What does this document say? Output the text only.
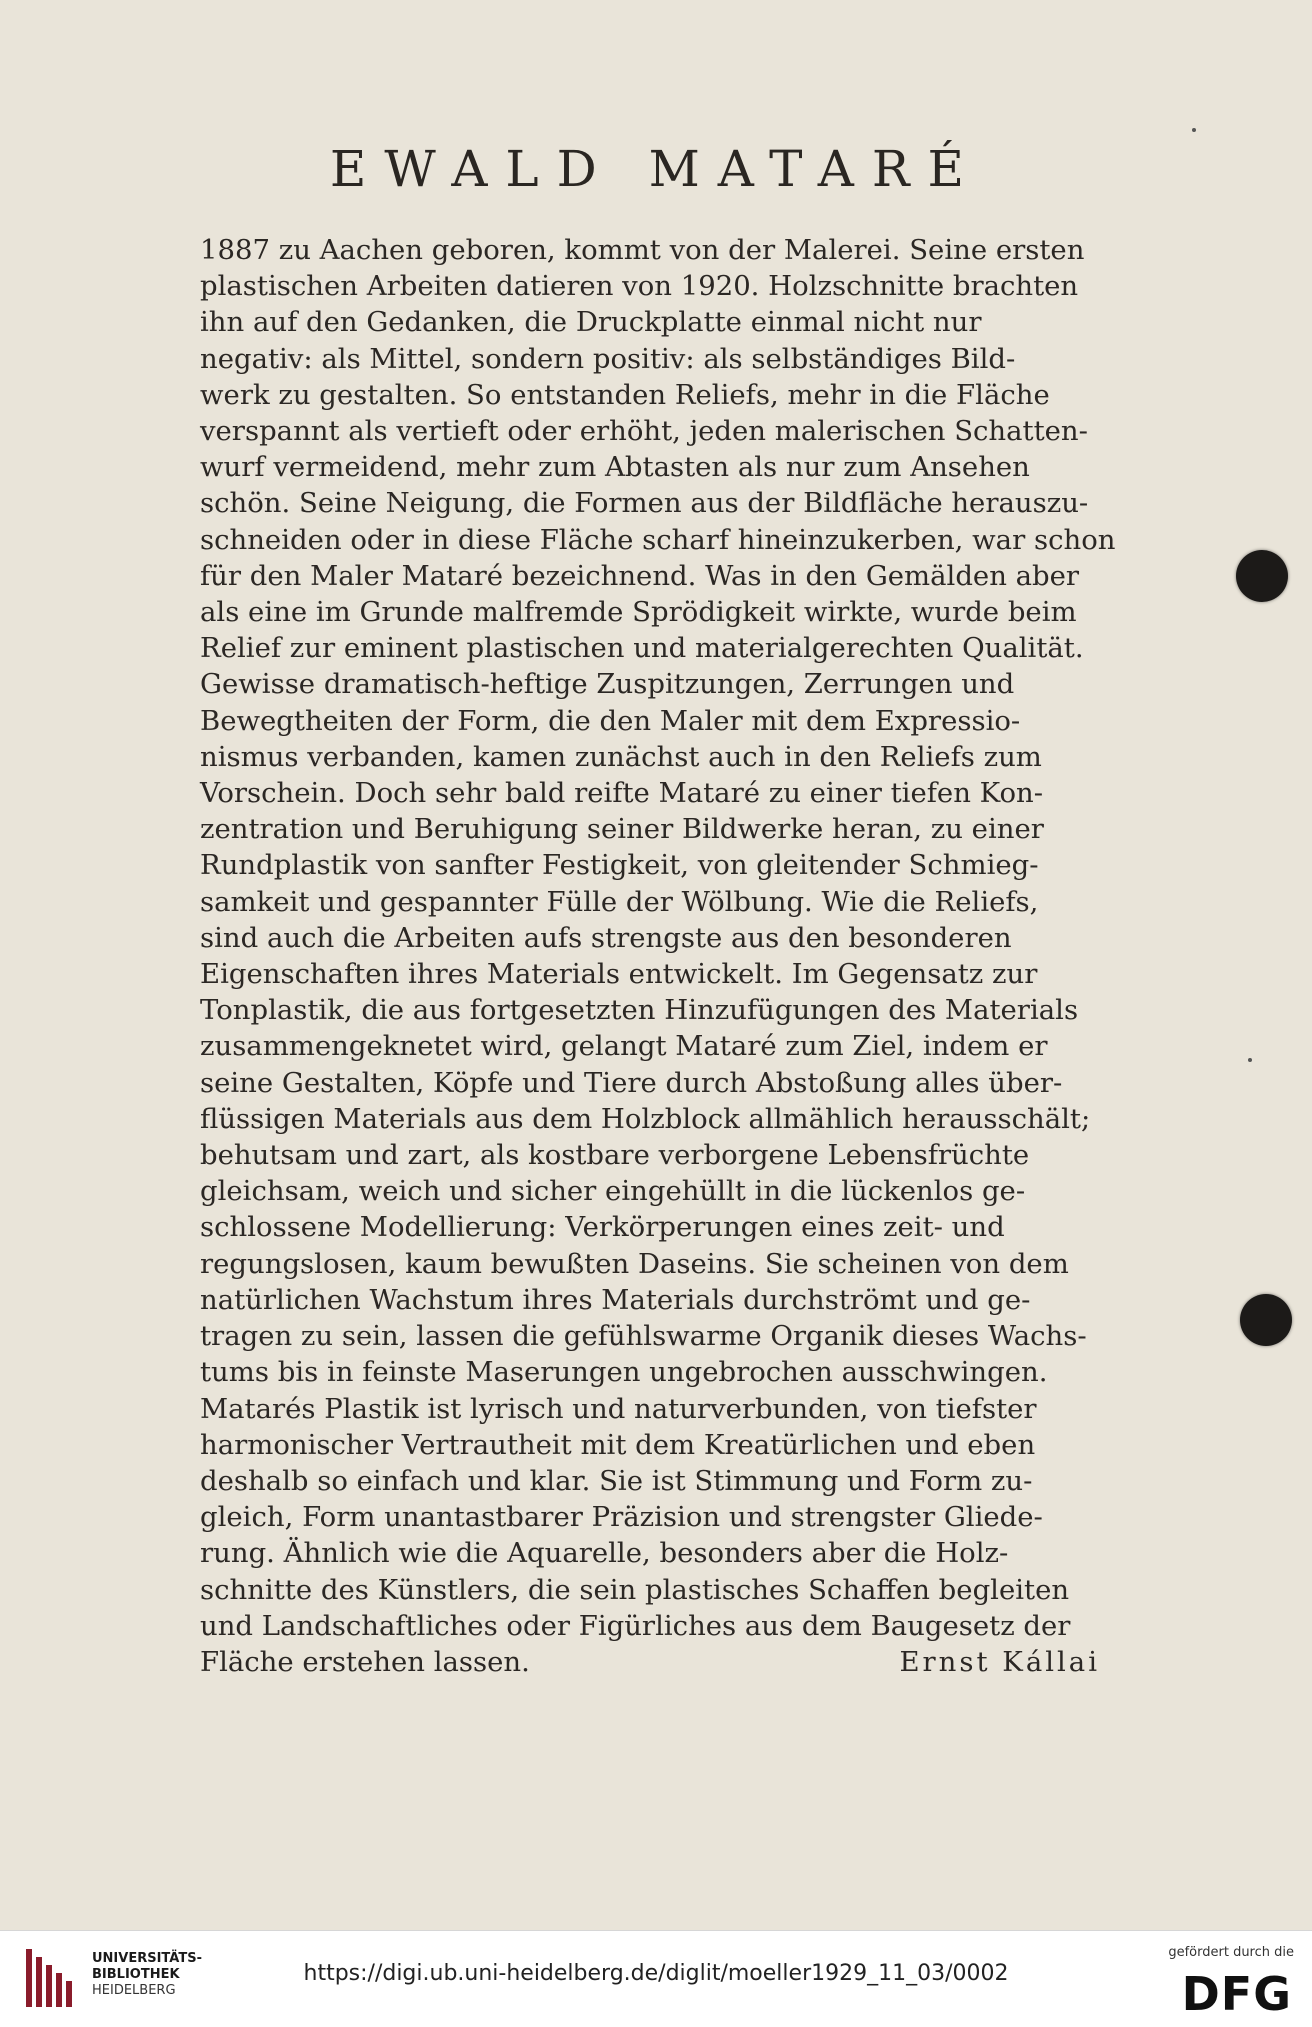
EWALD MATARÉ
1887 zu Aachen geboren, kommt von der Malerei. Seine ersten
plastischen Arbeiten datieren von 1920. Holzschnitte brachten
ihn auf den Gedanken, die Druckplatte einmal nicht nur
negativ: als Mittel, sondern positiv: als selbständiges Bild-
werk zu gestalten. So entstanden Reliefs, mehr in die Fläche
verspannt als vertieft oder erhöht, jeden malerischen Schatten-
wurf vermeidend, mehr zum Abtasten als nur zum Ansehen
schön. Seine Neigung, die Formen aus der Bildfläche herauszu-
schneiden oder in diese Fläche scharf hineinzukerben, war schon
für den Maler Mataré bezeichnend. Was in den Gemälden aber
als eine im Grunde malfremde Sprödigkeit wirkte, wurde beim
Relief zur eminent plastischen und materialgerechten Qualität.
Gewisse dramatisch-heftige Zuspitzungen, Zerrungen und
Bewegtheiten der Form, die den Maler mit dem Expressio-
nismus verbanden, kamen zunächst auch in den Reliefs zum
Vorschein. Doch sehr bald reifte Mataré zu einer tiefen Kon-
zentration und Beruhigung seiner Bildwerke heran, zu einer
Rundplastik von sanfter Festigkeit, von gleitender Schmieg-
samkeit und gespannter Fülle der Wölbung. Wie die Reliefs,
sind auch die Arbeiten aufs strengste aus den besonderen
Eigenschaften ihres Materials entwickelt. Im Gegensatz zur
Tonplastik, die aus fortgesetzten Hinzufügungen des Materials
zusammengeknetet wird, gelangt Mataré zum Ziel, indem er
seine Gestalten, Köpfe und Tiere durch Abstoßung alles über-
flüssigen Materials aus dem Holzblock allmählich herausschält;
behutsam und zart, als kostbare verborgene Lebensfrüchte
gleichsam, weich und sicher eingehüllt in die lückenlos ge-
schlossene Modellierung: Verkörperungen eines zeit- und
regungslosen, kaum bewußten Daseins. Sie scheinen von dem
natürlichen Wachstum ihres Materials durchströmt und ge-
tragen zu sein, lassen die gefühlswarme Organik dieses Wachs-
tums bis in feinste Maserungen ungebrochen ausschwingen.
Matarés Plastik ist lyrisch und naturverbunden, von tiefster
harmonischer Vertrautheit mit dem Kreatürlichen und eben
deshalb so einfach und klar. Sie ist Stimmung und Form zu-
gleich, Form unantastbarer Präzision und strengster Gliede-
rung. Ähnlich wie die Aquarelle, besonders aber die Holz-
schnitte des Künstlers, die sein plastisches Schaffen begleiten
und Landschaftliches oder Figürliches aus dem Baugesetz der
Fläche erstehen lassen.	Ernst Kállai
UNIVERSITÄTS-
BIBLIOTHEK
HEIDELBERG
https://digi.ub.uni-heidelberg.de/diglit/moeller1929_11_03/0002
gefördert durch die
DFG
